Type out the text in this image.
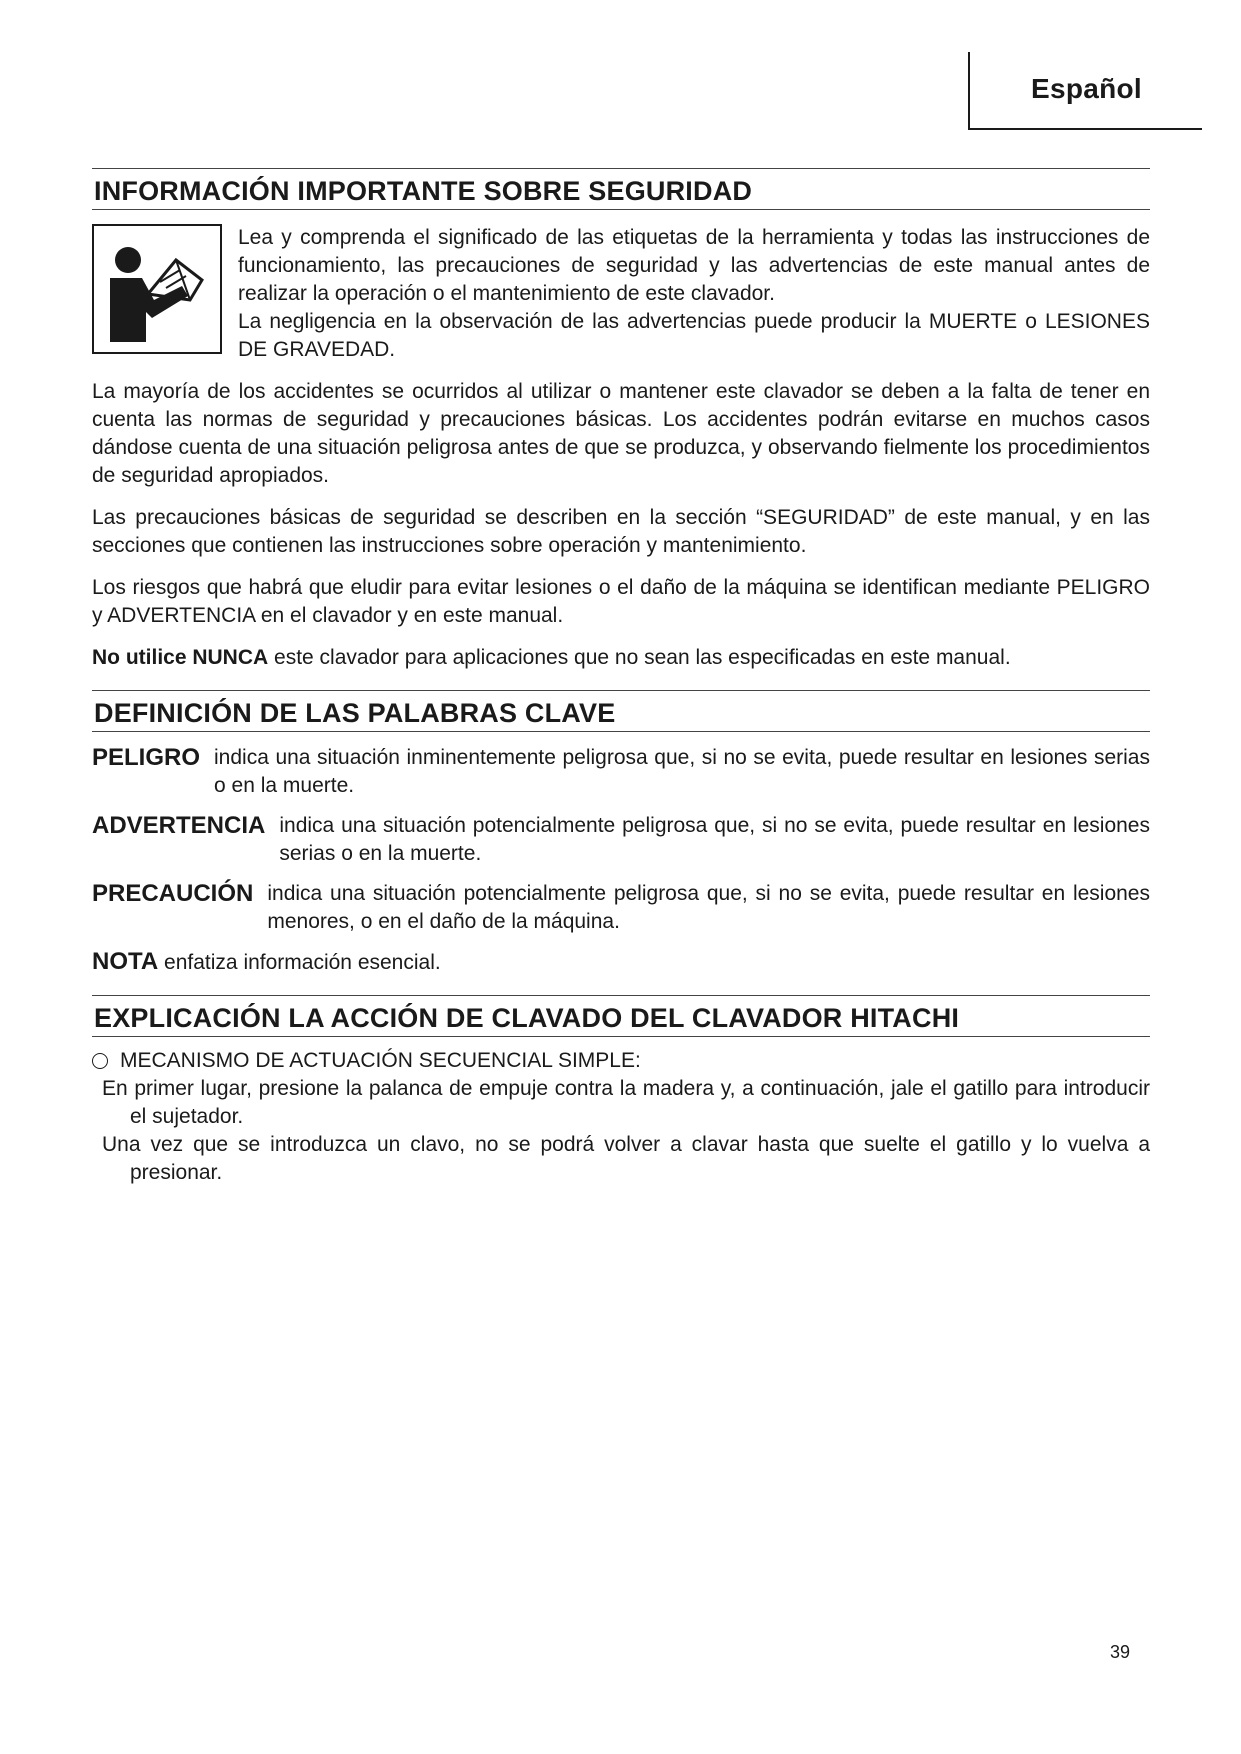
Español
INFORMACIÓN IMPORTANTE SOBRE SEGURIDAD

Lea y comprenda el significado de las etiquetas de la herramienta y todas las instrucciones de funcionamiento, las precauciones de seguridad y las advertencias de este manual antes de realizar la operación o el mantenimiento de este clavador.

La negligencia en la observación de las advertencias puede producir la MUERTE o LESIONES DE GRAVEDAD.

La mayoría de los accidentes se ocurridos al utilizar o mantener este clavador se deben a la falta de tener en cuenta las normas de seguridad y precauciones básicas. Los accidentes podrán evitarse en muchos casos dándose cuenta de una situación peligrosa antes de que se produzca, y observando fielmente los procedimientos de seguridad apropiados.

Las precauciones básicas de seguridad se describen en la sección “SEGURIDAD” de este manual, y en las secciones que contienen las instrucciones sobre operación y mantenimiento.

Los riesgos que habrá que eludir para evitar lesiones o el daño de la máquina se identifican mediante PELIGRO y ADVERTENCIA en el clavador y en este manual.

No utilice NUNCA este clavador para aplicaciones que no sean las especificadas en este manual.

DEFINICIÓN DE LAS PALABRAS CLAVE
PELIGRO indica una situación inminentemente peligrosa que, si no se evita, puede resultar en lesiones serias o en la muerte.
ADVERTENCIA indica una situación potencialmente peligrosa que, si no se evita, puede resultar en lesiones serias o en la muerte.
PRECAUCIÓN indica una situación potencialmente peligrosa que, si no se evita, puede resultar en lesiones menores, o en el daño de la máquina.
NOTA enfatiza información esencial.
EXPLICACIÓN LA ACCIÓN DE CLAVADO DEL CLAVADOR HITACHI
MECANISMO DE ACTUACIÓN SECUENCIAL SIMPLE:

En primer lugar, presione la palanca de empuje contra la madera y, a continuación, jale el gatillo para introducir el sujetador.

Una vez que se introduzca un clavo, no se podrá volver a clavar hasta que suelte el gatillo y lo vuelva a presionar.

39
